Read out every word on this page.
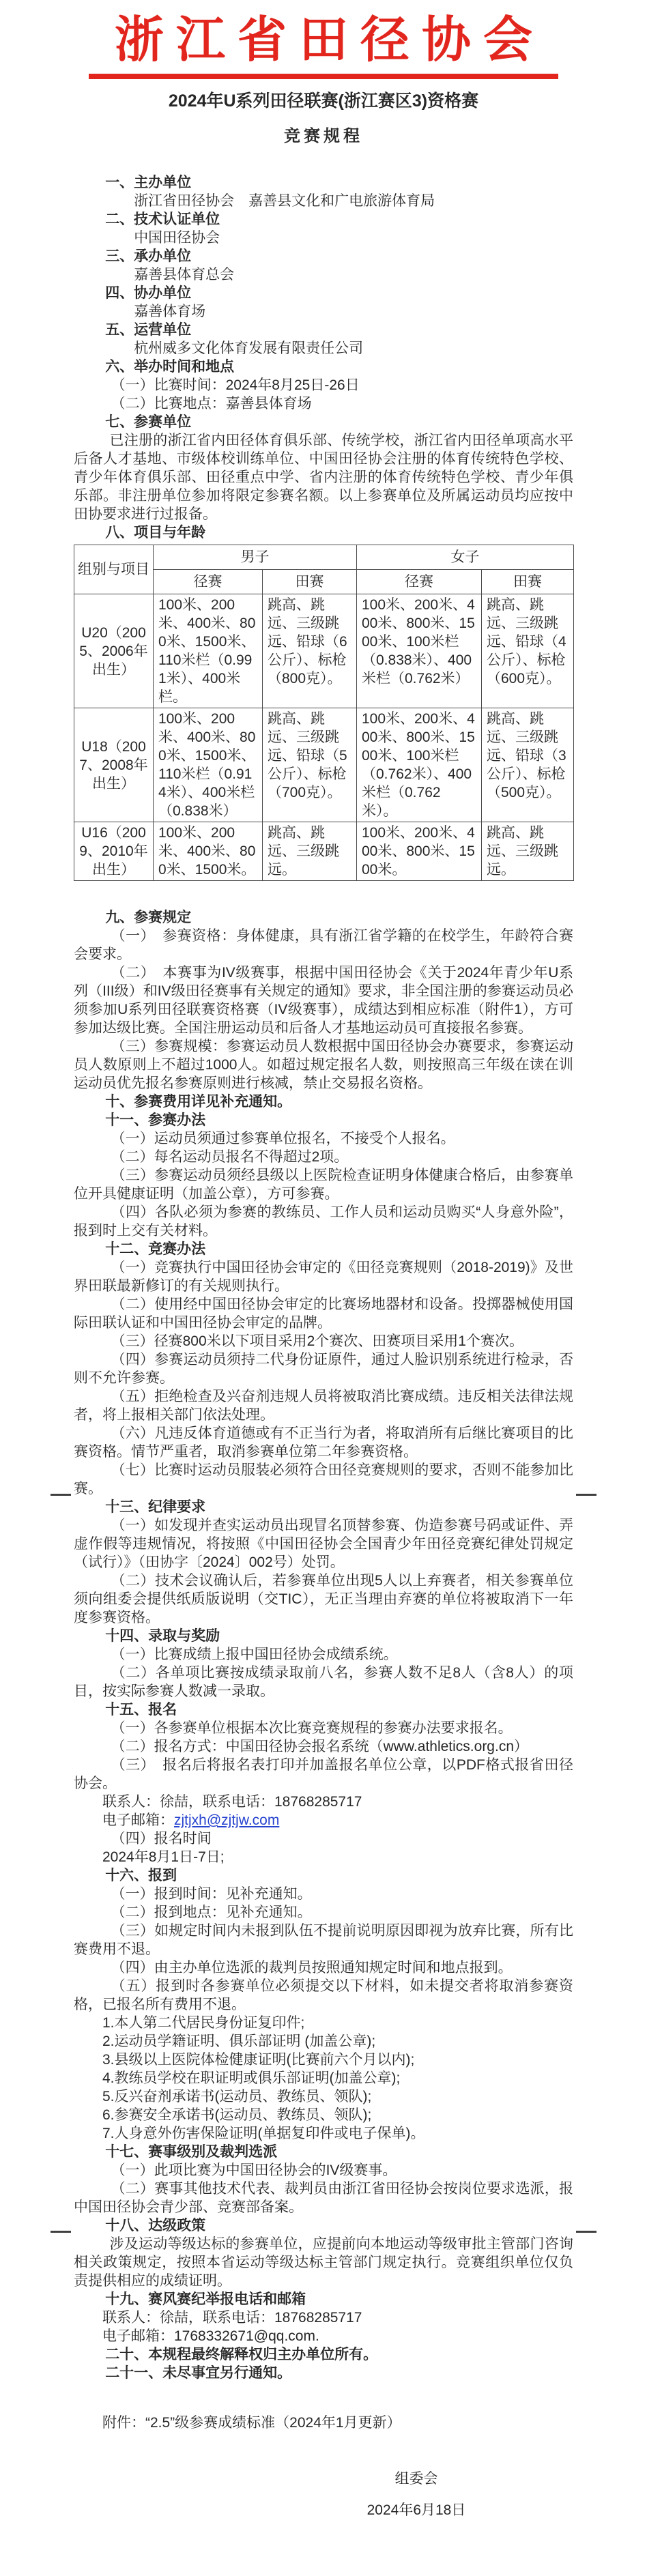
浙江省田径协会
2024年U系列田径联赛(浙江赛区3)资格赛
竞赛规程
一、主办单位
浙江省田径协会　嘉善县文化和广电旅游体育局
二、技术认证单位
中国田径协会
三、承办单位
嘉善县体育总会
四、协办单位
嘉善体育场
五、运营单位
杭州威多文化体育发展有限责任公司
六、举办时间和地点
（一）比赛时间：2024年8月25日-26日
（二）比赛地点：嘉善县体育场
七、参赛单位
已注册的浙江省内田径体育俱乐部、传统学校，浙江省内田径单项高水平后备人才基地、市级体校训练单位、中国田径协会注册的体育传统特色学校、青少年体育俱乐部、田径重点中学、省内注册的体育传统特色学校、青少年俱乐部。非注册单位参加将限定参赛名额。以上参赛单位及所属运动员均应按中田协要求进行过报备。
八、项目与年龄
组别与项目	男子		女子	
	径赛	田赛	径赛	田赛
U20（2005、2006年出生）	100米、200米、400米、800米、1500米、110米栏（0.991米）、400米栏。	跳高、跳远、三级跳远、铅球（6公斤）、标枪（800克）。	100米、200米、400米、800米、1500米、100米栏（0.838米）、400米栏（0.762米）	跳高、跳远、三级跳远、铅球（4公斤）、标枪（600克）。
U18（2007、2008年出生）	100米、200米、400米、800米、1500米、110米栏（0.914米）、400米栏（0.838米）	跳高、跳远、三级跳远、铅球（5公斤）、标枪（700克）。	100米、200米、400米、800米、1500米、100米栏（0.762米）、400米栏（0.762米）。	跳高、跳远、三级跳远、铅球（3公斤）、标枪（500克）。
U16（2009、2010年出生）	100米、200米、400米、800米、1500米。	跳高、跳远、三级跳远。	100米、200米、400米、800米、1500米。	跳高、跳远、三级跳远。
九、参赛规定
（一）　参赛资格：身体健康，具有浙江省学籍的在校学生，年龄符合赛会要求。
（二）　本赛事为IV级赛事，根据中国田径协会《关于2024年青少年U系列（III级）和IV级田径赛事有关规定的通知》要求，非全国注册的参赛运动员必须参加U系列田径联赛资格赛（IV级赛事），成绩达到相应标准（附件1），方可参加达级比赛。全国注册运动员和后备人才基地运动员可直接报名参赛。
（三）参赛规模：参赛运动员人数根据中国田径协会办赛要求，参赛运动员人数原则上不超过1000人。如超过规定报名人数，则按照高三年级在读在训运动员优先报名参赛原则进行核减，禁止交易报名资格。
十、参赛费用详见补充通知。
十一、参赛办法
（一）运动员须通过参赛单位报名，不接受个人报名。
（二）每名运动员报名不得超过2项。
（三）参赛运动员须经县级以上医院检查证明身体健康合格后，由参赛单位开具健康证明（加盖公章），方可参赛。
（四）各队必须为参赛的教练员、工作人员和运动员购买“人身意外险”，报到时上交有关材料。
十二、竞赛办法
（一）竞赛执行中国田径协会审定的《田径竞赛规则（2018-2019)》及世界田联最新修订的有关规则执行。
（二）使用经中国田径协会审定的比赛场地器材和设备。投掷器械使用国际田联认证和中国田径协会审定的品牌。
（三）径赛800米以下项目采用2个赛次、田赛项目采用1个赛次。
（四）参赛运动员须持二代身份证原件，通过人脸识别系统进行检录，否则不允许参赛。
（五）拒绝检查及兴奋剂违规人员将被取消比赛成绩。违反相关法律法规者，将上报相关部门依法处理。
（六）凡违反体育道德或有不正当行为者，将取消所有后继比赛项目的比赛资格。情节严重者，取消参赛单位第二年参赛资格。
（七）比赛时运动员服装必须符合田径竞赛规则的要求，否则不能参加比赛。
十三、纪律要求
（一）如发现并查实运动员出现冒名顶替参赛、伪造参赛号码或证件、弄虚作假等违规情况，将按照《中国田径协会全国青少年田径竞赛纪律处罚规定（试行）》（田协字〔2024〕002号）处罚。
（二）技术会议确认后，若参赛单位出现5人以上弃赛者，相关参赛单位须向组委会提供纸质版说明（交TIC），无正当理由弃赛的单位将被取消下一年度参赛资格。
十四、录取与奖励
（一）比赛成绩上报中国田径协会成绩系统。
（二）各单项比赛按成绩录取前八名，参赛人数不足8人（含8人）的项目，按实际参赛人数减一录取。
十五、报名
（一）各参赛单位根据本次比赛竞赛规程的参赛办法要求报名。
（二）报名方式：中国田径协会报名系统（www.athletics.org.cn）
（三）　报名后将报名表打印并加盖报名单位公章，以PDF格式报省田径协会。
联系人：徐喆，联系电话：18768285717
电子邮箱：zjtjxh@zjtjw.com
（四）报名时间
2024年8月1日-7日;
十六、报到
（一）报到时间：见补充通知。
（二）报到地点：见补充通知。
（三）如规定时间内未报到队伍不提前说明原因即视为放弃比赛，所有比赛费用不退。
（四）由主办单位选派的裁判员按照通知规定时间和地点报到。
（五）报到时各参赛单位必须提交以下材料，如未提交者将取消参赛资格，已报名所有费用不退。
1.本人第二代居民身份证复印件;
2.运动员学籍证明、俱乐部证明 (加盖公章);
3.县级以上医院体检健康证明(比赛前六个月以内);
4.教练员学校在职证明或俱乐部证明(加盖公章);
5.反兴奋剂承诺书(运动员、教练员、领队);
6.参赛安全承诺书(运动员、教练员、领队);
7.人身意外伤害保险证明(单据复印件或电子保单)。
十七、赛事级别及裁判选派
（一）此项比赛为中国田径协会的IV级赛事。
（二）赛事其他技术代表、裁判员由浙江省田径协会按岗位要求选派，报中国田径协会青少部、竞赛部备案。
十八、达级政策
涉及运动等级达标的参赛单位，应提前向本地运动等级审批主管部门咨询相关政策规定，按照本省运动等级达标主管部门规定执行。竞赛组织单位仅负责提供相应的成绩证明。
十九、赛风赛纪举报电话和邮箱
联系人：徐喆，联系电话：18768285717
电子邮箱：1768332671@qq.com.
二十、本规程最终解释权归主办单位所有。
二十一、未尽事宜另行通知。
附件：“2.5”级参赛成绩标准（2024年1月更新）
组委会
2024年6月18日
